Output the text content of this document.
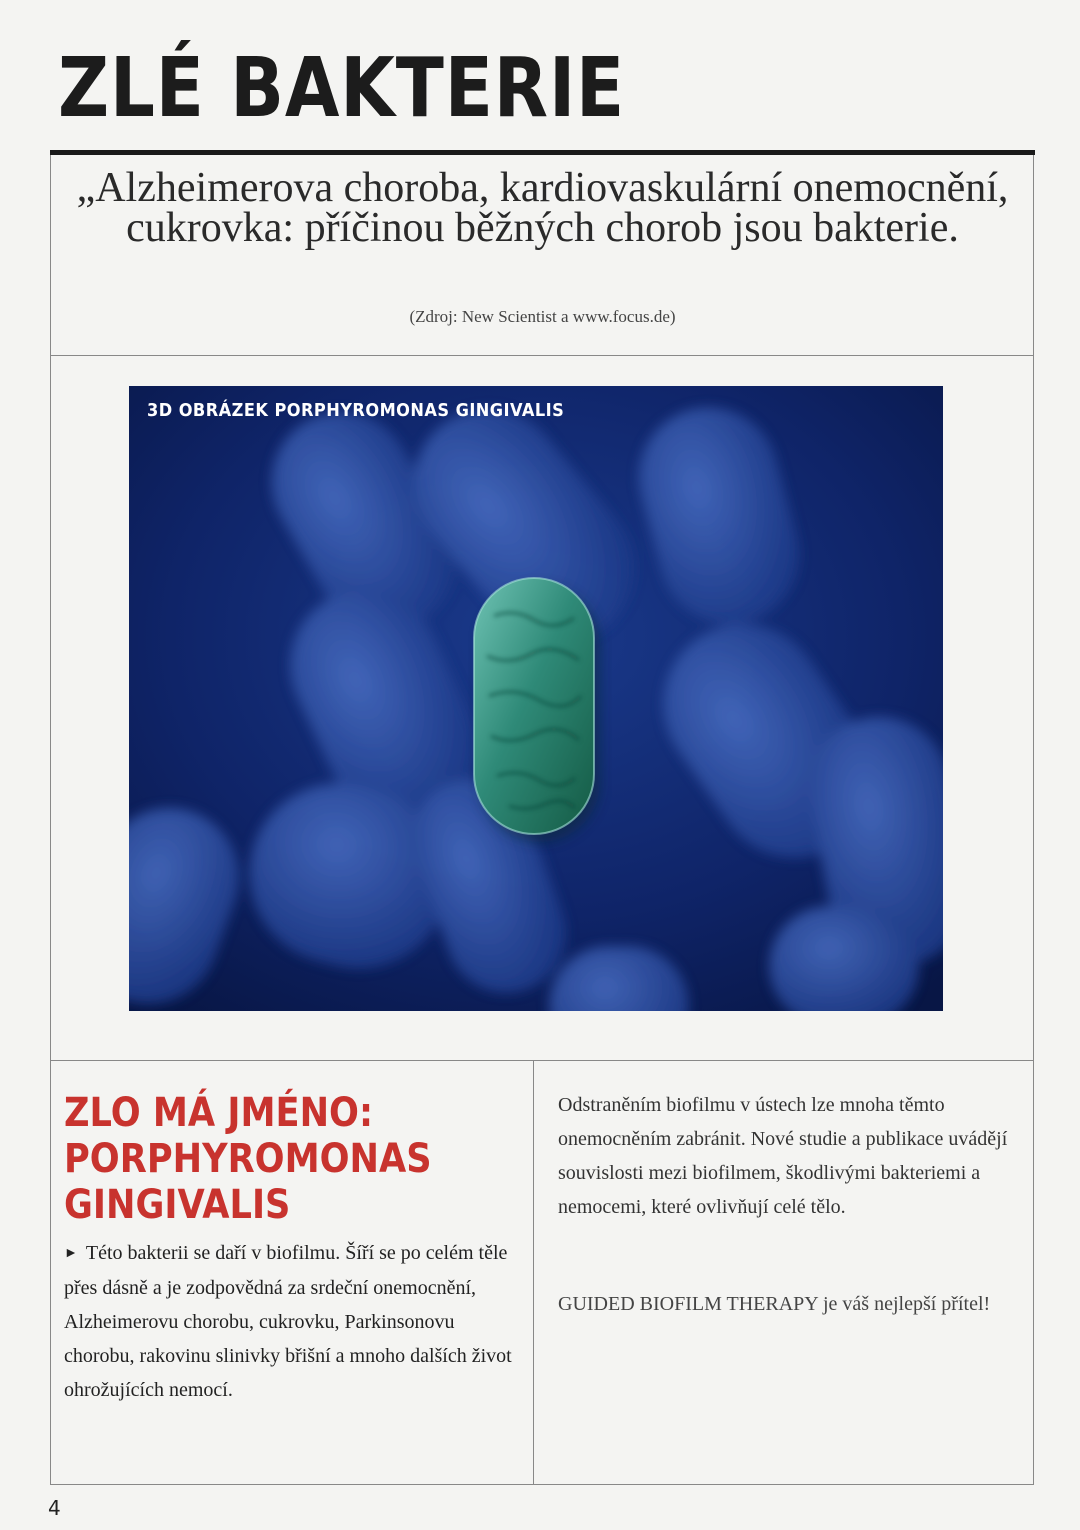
ZLÉ BAKTERIE

„Alzheimerova choroba, kardiovaskulární onemocnění, cukrovka: příčinou běžných chorob jsou bakterie.

(Zdroj: New Scientist a www.focus.de)
3D OBRÁZEK PORPHYROMONAS GINGIVALIS
ZLO MÁ JMÉNO: PORPHYROMONAS GINGIVALIS

► Této bakterii se daří v biofilmu. Šíří se po celém těle přes dásně a je zodpovědná za srdeční onemocnění, Alzheimerovu chorobu, cukrovku, Parkinsonovu chorobu, rakovinu slinivky břišní a mnoho dalších život ohrožujících nemocí.

Odstraněním biofilmu v ústech lze mnoha těmto onemocněním zabránit. Nové studie a publikace uvádějí souvislosti mezi biofilmem, škodlivými bakteriemi a nemocemi, které ovlivňují celé tělo.

GUIDED BIOFILM THERAPY je váš nejlepší přítel!

4
